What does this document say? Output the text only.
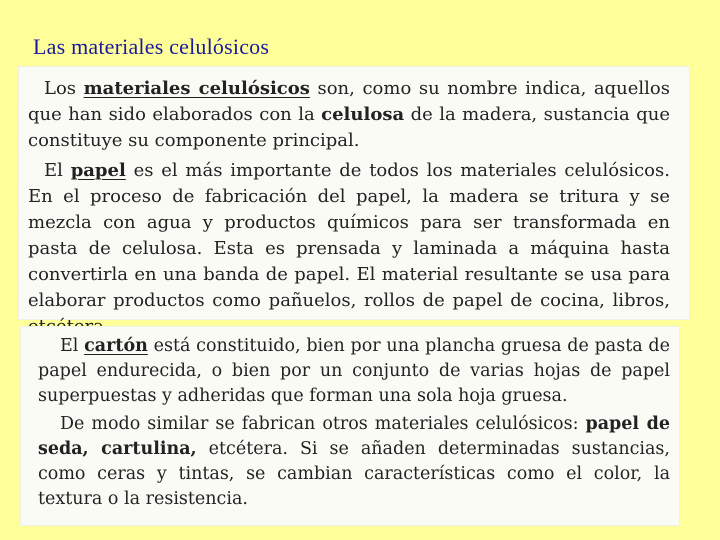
Las materiales celulósicos

Los materiales celulósicos son, como su nombre indica, aquellos que han sido elaborados con la celulosa de la madera, sustancia que constituye su componente principal.

El papel es el más importante de todos los materiales celulósicos. En el proceso de fabricación del papel, la madera se tritura y se mezcla con agua y productos químicos para ser transformada en pasta de celulosa. Esta es prensada y laminada a máquina hasta convertirla en una banda de papel. El material resultante se usa para elaborar productos como pañuelos, rollos de papel de cocina, libros,

El cartón está constituido, bien por una plancha gruesa de pasta de papel endurecida, o bien por un conjunto de varias hojas de papel superpuestas y adheridas que forman una sola hoja gruesa.

De modo similar se fabrican otros materiales celulósicos: papel de seda, cartulina, etcétera. Si se añaden determinadas sustancias, como ceras y tintas, se cambian características como el color, la textura o la resistencia.
